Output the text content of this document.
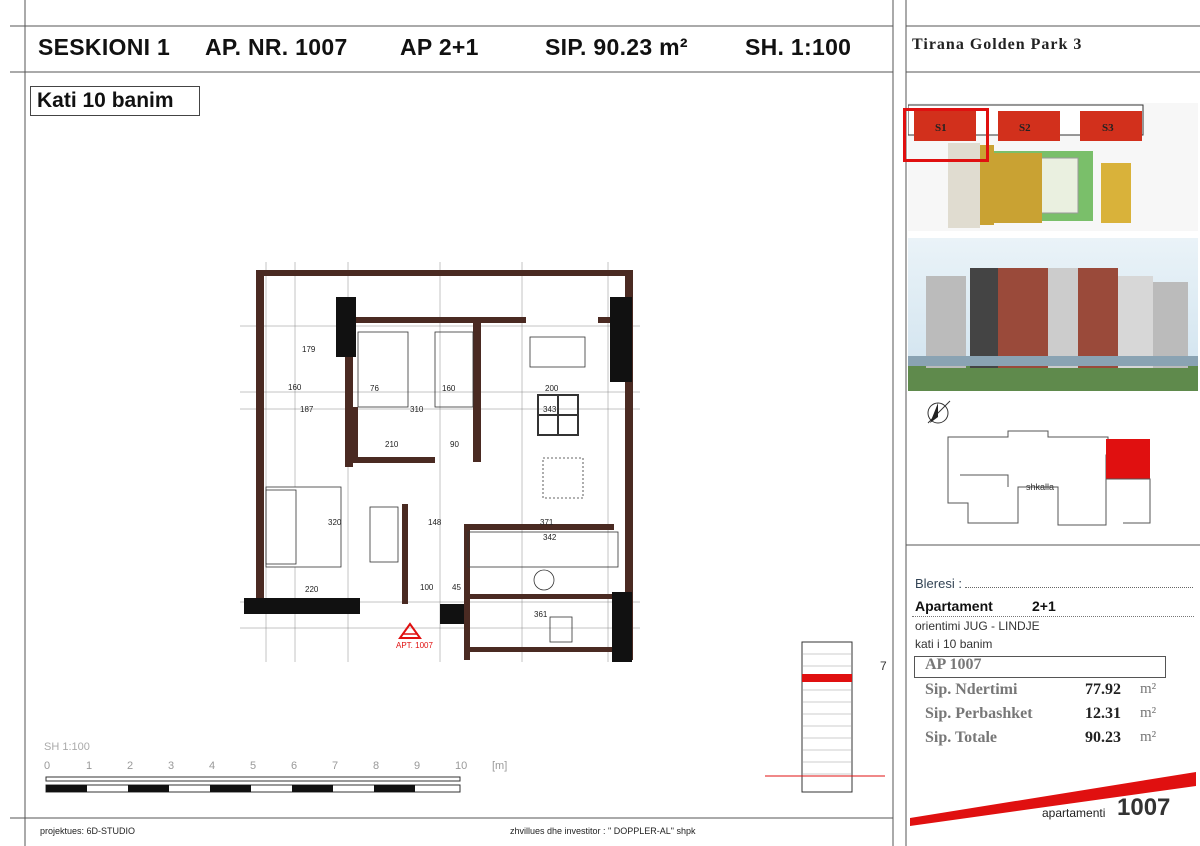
SESKIONI 1 AP. NR. 1007 AP 2+1	SIP. 90.23 m² SH. 1:100
Kati 10 banim
Tirana Golden Park 3
S1	S2	S3
shkalla
Bleresi :
Apartament	2+1
orientimi JUG - LINDJE
kati i 10 banim
AP 1007
Sip. Ndertimi	77.92 m²
Sip. Perbashket	12.31 m²
Sip. Totale	90.23 m²
apartamenti 1007
APT. 1007
179
160	76	160	200
187	310	343
210	90
320	148	371
342
220	100 45
361
7
SH 1:100
0	1	2	3	4	5	6	7	8	9	10 [m]
projektues: 6D-STUDIO	zhvillues dhe investitor : " DOPPLER-AL" shpk
